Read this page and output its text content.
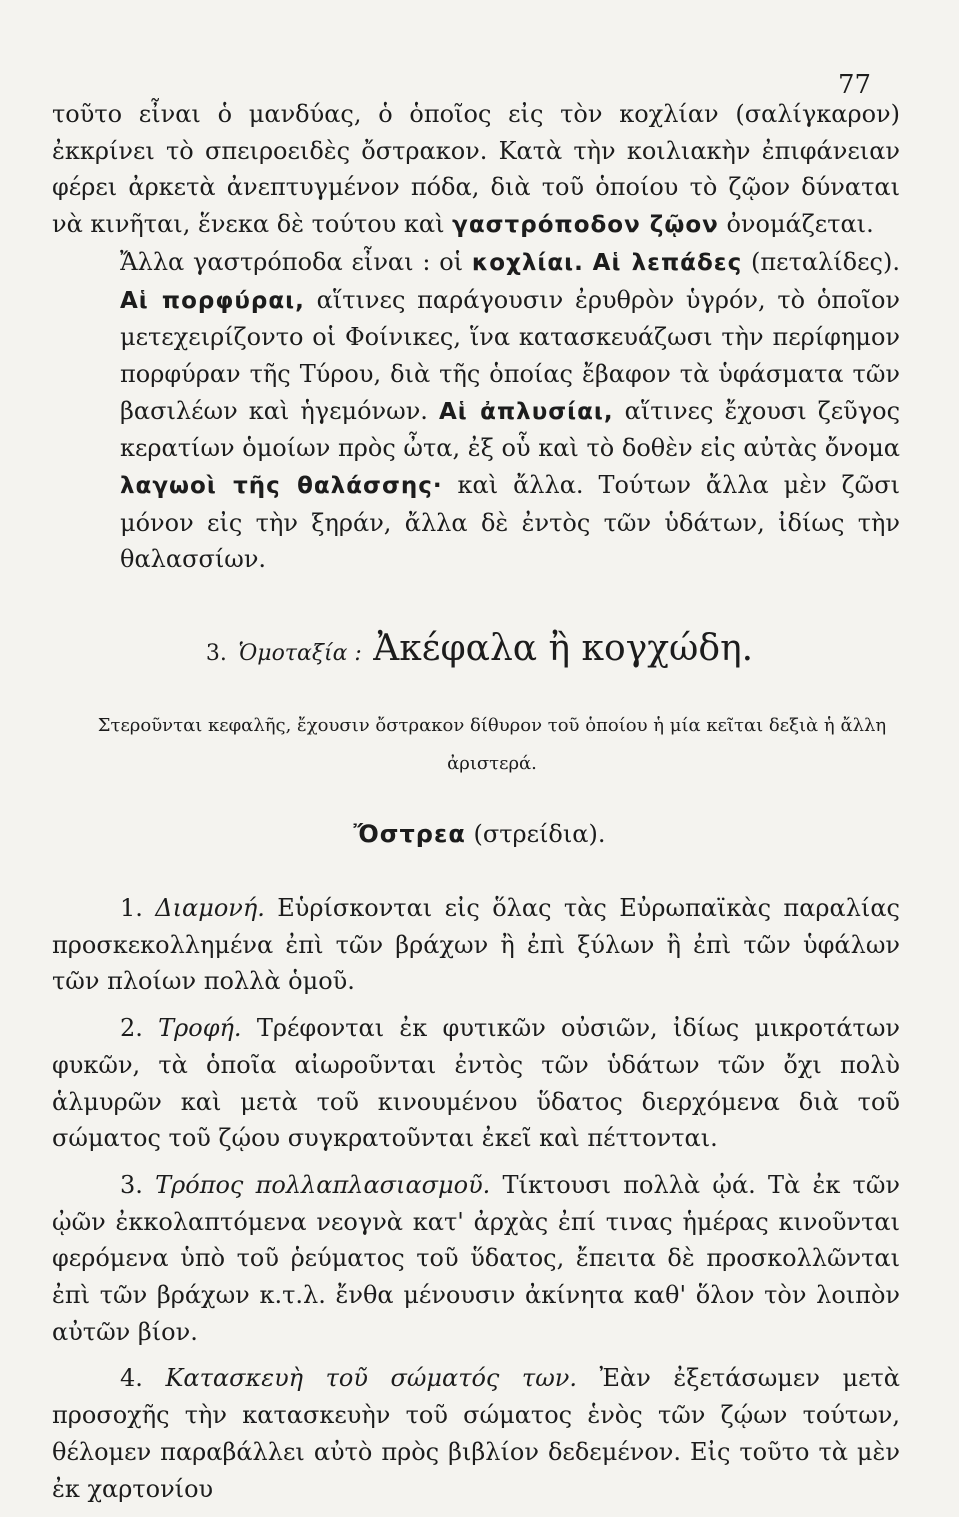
77

τοῦτο εἶναι ὁ μανδύας, ὁ ὁποῖος εἰς τὸν κοχλίαν (σαλίγκαρον) ἐκκρίνει τὸ σπειροειδὲς ὄστρακον. Κατὰ τὴν κοιλιακὴν ἐπιφάνειαν φέρει ἀρκετὰ ἀνεπτυγμένον πόδα, διὰ τοῦ ὁποίου τὸ ζῷον δύναται νὰ κινῆται, ἕνεκα δὲ τούτου καὶ γαστρόποδον ζῷον ὀνομάζεται.

Ἄλλα γαστρόποδα εἶναι : οἱ κοχλίαι. Αἱ λεπάδες (πεταλίδες). Αἱ πορφύραι, αἵτινες παράγουσιν ἐρυθρὸν ὑγρόν, τὸ ὁποῖον μετεχειρίζοντο οἱ Φοίνικες, ἵνα κατασκευάζωσι τὴν περίφημον πορφύραν τῆς Τύρου, διὰ τῆς ὁποίας ἔβαφον τὰ ὑφάσματα τῶν βασιλέων καὶ ἡγεμόνων. Αἱ ἀπλυσίαι, αἵτινες ἔχουσι ζεῦγος κερατίων ὁμοίων πρὸς ὦτα, ἐξ οὗ καὶ τὸ δοθὲν εἰς αὐτὰς ὄνομα λαγωοὶ τῆς θαλάσσης· καὶ ἄλλα. Τούτων ἄλλα μὲν ζῶσι μόνον εἰς τὴν ξηράν, ἄλλα δὲ ἐντὸς τῶν ὑδάτων, ἰδίως τὴν θαλασσίων.

3. Ὁμοταξία : Ἀκέφαλα ἢ κογχώδη.
Στεροῦνται κεφαλῆς, ἔχουσιν ὄστρακον δίθυρον τοῦ ὁποίου ἡ μία κεῖται δεξιὰ ἡ ἄλλη ἀριστερά.
Ὄστρεα (στρείδια).

1. Διαμονή. Εὑρίσκονται εἰς ὅλας τὰς Εὐρωπαϊκὰς παραλίας προσκεκολλημένα ἐπὶ τῶν βράχων ἢ ἐπὶ ξύλων ἢ ἐπὶ τῶν ὑφάλων τῶν πλοίων πολλὰ ὁμοῦ.

2. Τροφή. Τρέφονται ἐκ φυτικῶν οὐσιῶν, ἰδίως μικροτάτων φυκῶν, τὰ ὁποῖα αἰωροῦνται ἐντὸς τῶν ὑδάτων τῶν ὄχι πολὺ ἁλμυρῶν καὶ μετὰ τοῦ κινουμένου ὕδατος διερχόμενα διὰ τοῦ σώματος τοῦ ζῴου συγκρατοῦνται ἐκεῖ καὶ πέττονται.

3. Τρόπος πολλαπλασιασμοῦ. Τίκτουσι πολλὰ ᾠά. Τὰ ἐκ τῶν ᾠῶν ἐκκολαπτόμενα νεογνὰ κατ' ἀρχὰς ἐπί τινας ἡμέρας κινοῦνται φερόμενα ὑπὸ τοῦ ῥεύματος τοῦ ὕδατος, ἔπειτα δὲ προσκολλῶνται ἐπὶ τῶν βράχων κ.τ.λ. ἔνθα μένουσιν ἀκίνητα καθ' ὅλον τὸν λοιπὸν αὐτῶν βίον.

4. Κατασκευὴ τοῦ σώματός των. Ἐὰν ἐξετάσωμεν μετὰ προσοχῆς τὴν κατασκευὴν τοῦ σώματος ἑνὸς τῶν ζῴων τούτων, θέλομεν παραβάλλει αὐτὸ πρὸς βιβλίον δεδεμένον. Εἰς τοῦτο τὰ μὲν ἐκ χαρτονίου
